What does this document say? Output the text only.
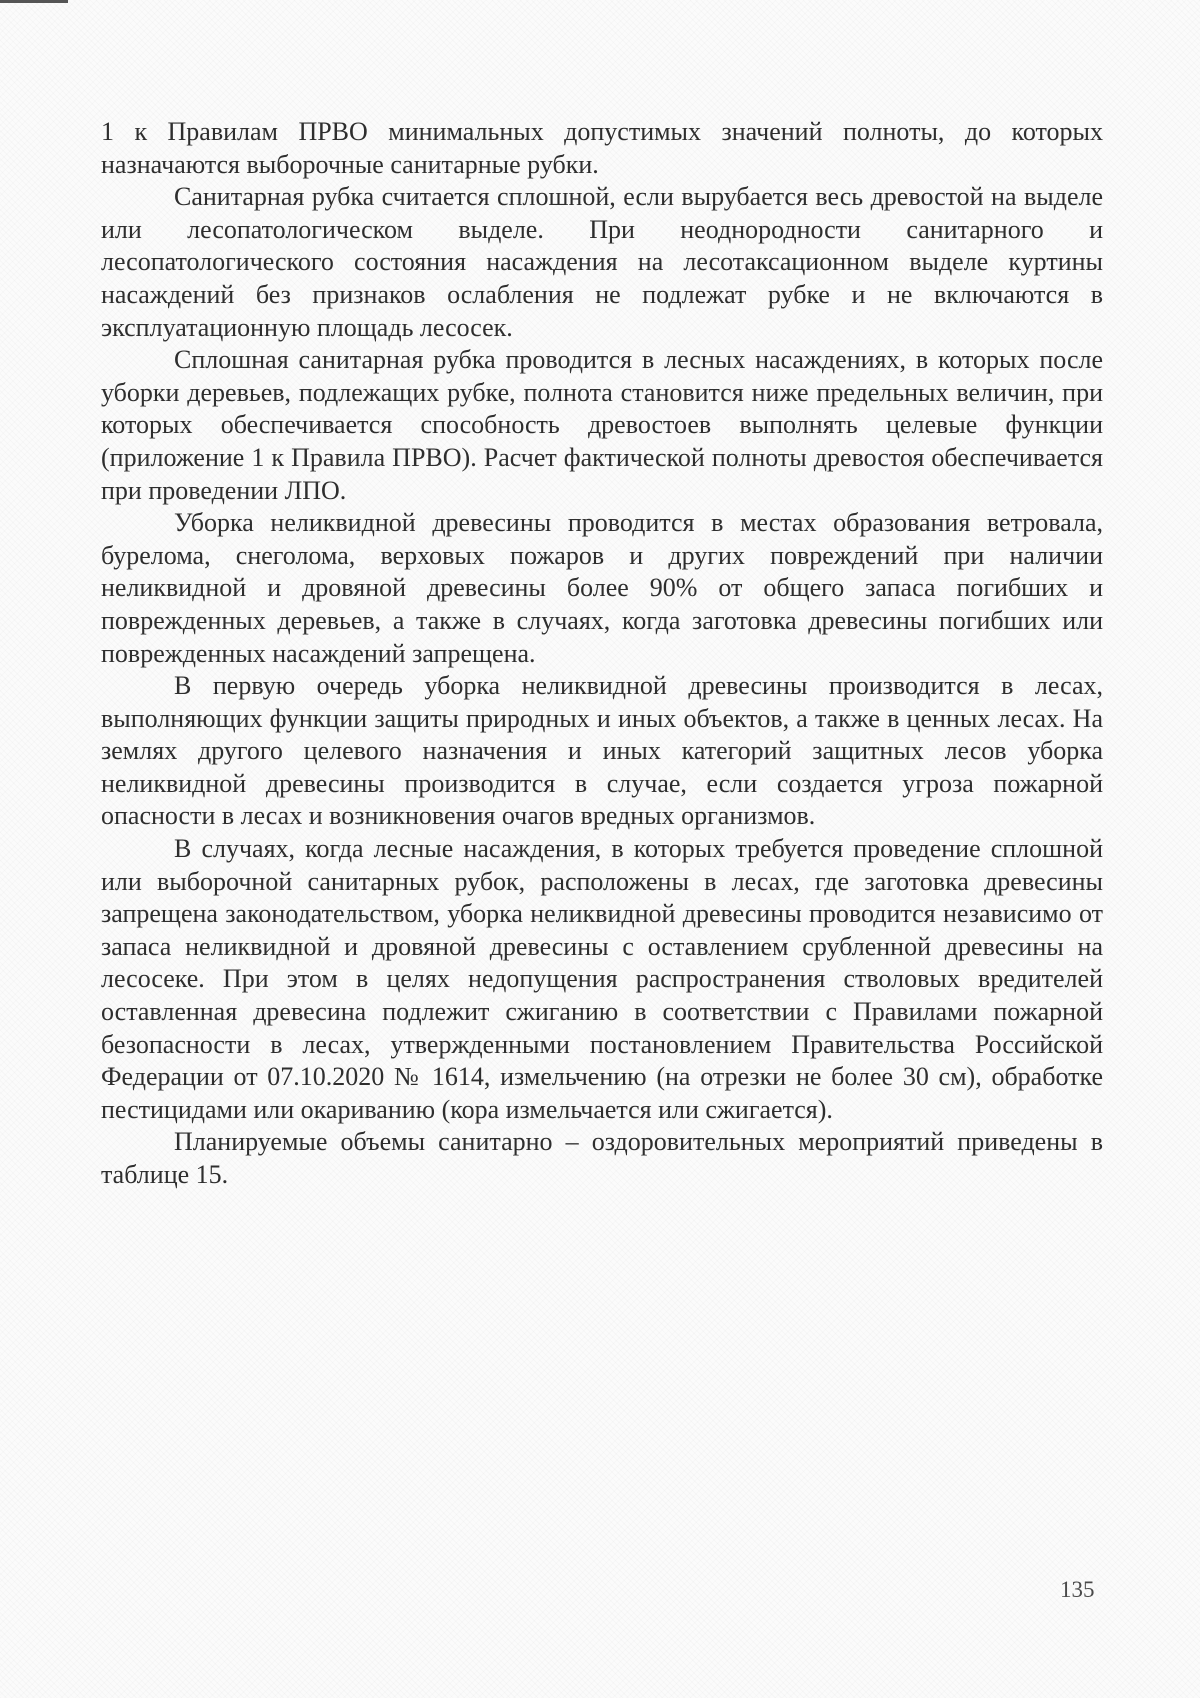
1 к Правилам ПРВО минимальных допустимых значений полноты, до которых назначаются выборочные санитарные рубки.

Санитарная рубка считается сплошной, если вырубается весь древостой на выделе или лесопатологическом выделе. При неоднородности санитарного и лесопатологического состояния насаждения на лесотаксационном выделе куртины насаждений без признаков ослабления не подлежат рубке и не включаются в эксплуатационную площадь лесосек.

Сплошная санитарная рубка проводится в лесных насаждениях, в которых после уборки деревьев, подлежащих рубке, полнота становится ниже предельных величин, при которых обеспечивается способность древостоев выполнять целевые функции (приложение 1 к Правила ПРВО). Расчет фактической полноты древостоя обеспечивается при проведении ЛПО.

Уборка неликвидной древесины проводится в местах образования ветровала, бурелома, снеголома, верховых пожаров и других повреждений при наличии неликвидной и дровяной древесины более 90% от общего запаса погибших и поврежденных деревьев, а также в случаях, когда заготовка древесины погибших или поврежденных насаждений запрещена.

В первую очередь уборка неликвидной древесины производится в лесах, выполняющих функции защиты природных и иных объектов, а также в ценных лесах. На землях другого целевого назначения и иных категорий защитных лесов уборка неликвидной древесины производится в случае, если создается угроза пожарной опасности в лесах и возникновения очагов вредных организмов.

В случаях, когда лесные насаждения, в которых требуется проведение сплошной или выборочной санитарных рубок, расположены в лесах, где заготовка древесины запрещена законодательством, уборка неликвидной древесины проводится независимо от запаса неликвидной и дровяной древесины с оставлением срубленной древесины на лесосеке. При этом в целях недопущения распространения стволовых вредителей оставленная древесина подлежит сжиганию в соответствии с Правилами пожарной безопасности в лесах, утвержденными постановлением Правительства Российской Федерации от 07.10.2020 № 1614, измельчению (на отрезки не более 30 см), обработке пестицидами или окариванию (кора измельчается или сжигается).

Планируемые объемы санитарно – оздоровительных мероприятий приведены в таблице 15.

135
